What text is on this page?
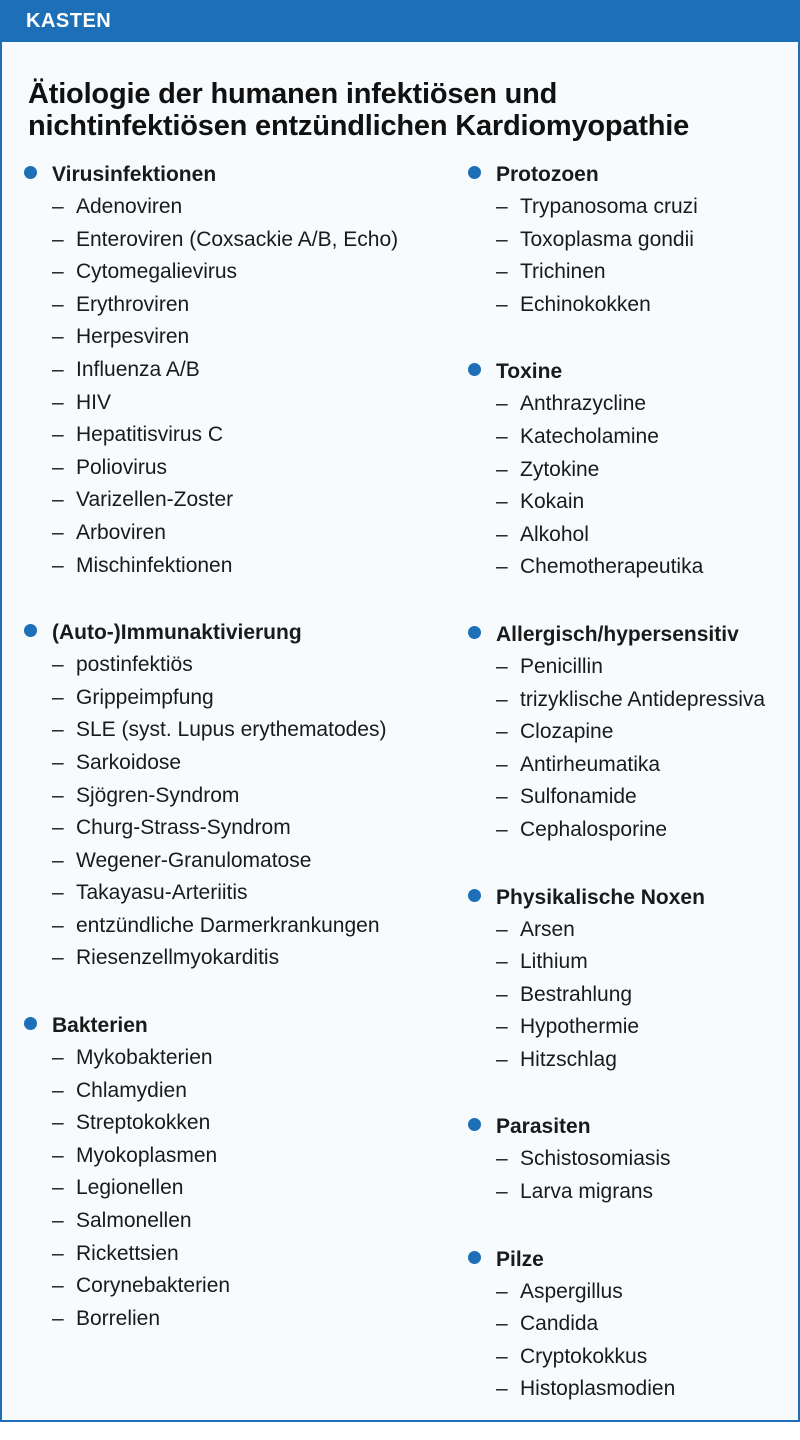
KASTEN
Ätiologie der humanen infektiösen und
nichtinfektiösen entzündlichen Kardiomyopathie
Virusinfektionen
– Adenoviren
– Enteroviren (Coxsackie A/B, Echo)
– Cytomegalievirus
– Erythroviren
– Herpesviren
– Influenza A/B
– HIV
– Hepatitisvirus C
– Poliovirus
– Varizellen-Zoster
– Arboviren
– Mischinfektionen
(Auto-)Immunaktivierung
– postinfektiös
– Grippeimpfung
– SLE (syst. Lupus erythematodes)
– Sarkoidose
– Sjögren-Syndrom
– Churg-Strass-Syndrom
– Wegener-Granulomatose
– Takayasu-Arteriitis
– entzündliche Darmerkrankungen
– Riesenzellmyokarditis
Bakterien
– Mykobakterien
– Chlamydien
– Streptokokken
– Myokoplasmen
– Legionellen
– Salmonellen
– Rickettsien
– Corynebakterien
– Borrelien
Protozoen
– Trypanosoma cruzi
– Toxoplasma gondii
– Trichinen
– Echinokokken
Toxine
– Anthrazycline
– Katecholamine
– Zytokine
– Kokain
– Alkohol
– Chemotherapeutika
Allergisch/hypersensitiv
– Penicillin
– trizyklische Antidepressiva
– Clozapine
– Antirheumatika
– Sulfonamide
– Cephalosporine
Physikalische Noxen
– Arsen
– Lithium
– Bestrahlung
– Hypothermie
– Hitzschlag
Parasiten
– Schistosomiasis
– Larva migrans
Pilze
– Aspergillus
– Candida
– Cryptokokkus
– Histoplasmodien
